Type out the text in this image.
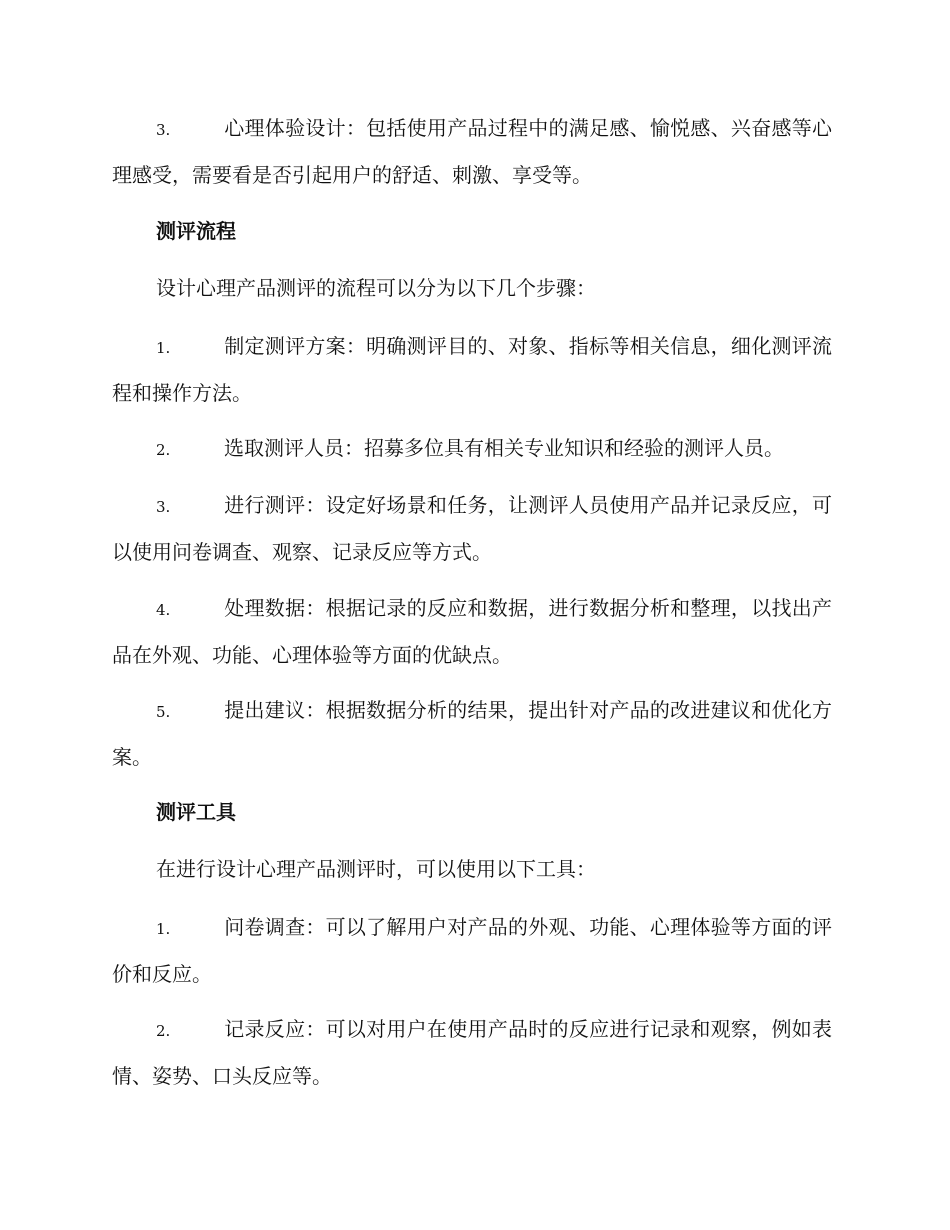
3.	心理体验设计：包括使用产品过程中的满足感、愉悦感、兴奋感等心理感受，需要看是否引起用户的舒适、刺激、享受等。

测评流程

设计心理产品测评的流程可以分为以下几个步骤：

1.	制定测评方案：明确测评目的、对象、指标等相关信息，细化测评流程和操作方法。

2.	选取测评人员：招募多位具有相关专业知识和经验的测评人员。

3.	进行测评：设定好场景和任务，让测评人员使用产品并记录反应，可以使用问卷调查、观察、记录反应等方式。

4.	处理数据：根据记录的反应和数据，进行数据分析和整理，以找出产品在外观、功能、心理体验等方面的优缺点。

5.	提出建议：根据数据分析的结果，提出针对产品的改进建议和优化方案。

测评工具

在进行设计心理产品测评时，可以使用以下工具：

1.	问卷调查：可以了解用户对产品的外观、功能、心理体验等方面的评价和反应。

2.	记录反应：可以对用户在使用产品时的反应进行记录和观察，例如表情、姿势、口头反应等。
